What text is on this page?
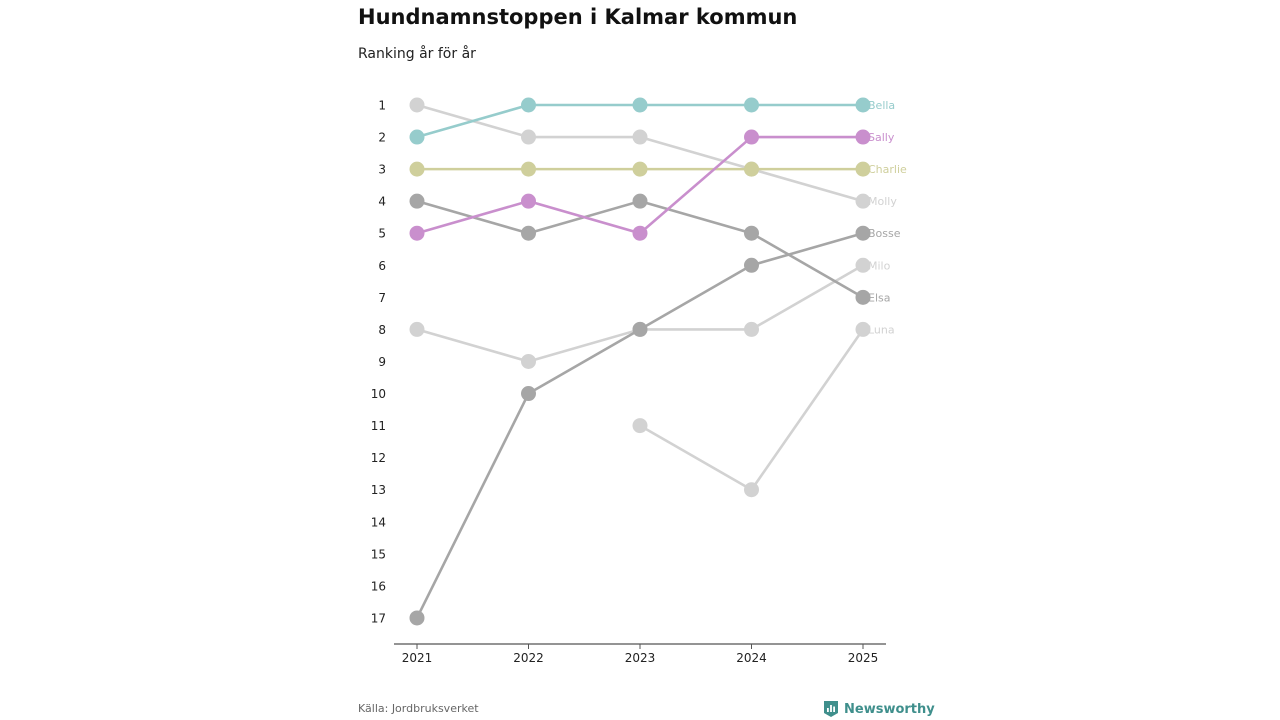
Hundnamnstoppen i Kalmar kommun
Ranking år för år
1
2
3
4
5
6
7
8
9
10
11
12
13
14
15
16
17
2021	2022	2023	2024	2025
Molly
Milo
Luna
Elsa
Bosse
Charlie
Sally
Bella
Källa: Jordbruksverket	Newsworthy
